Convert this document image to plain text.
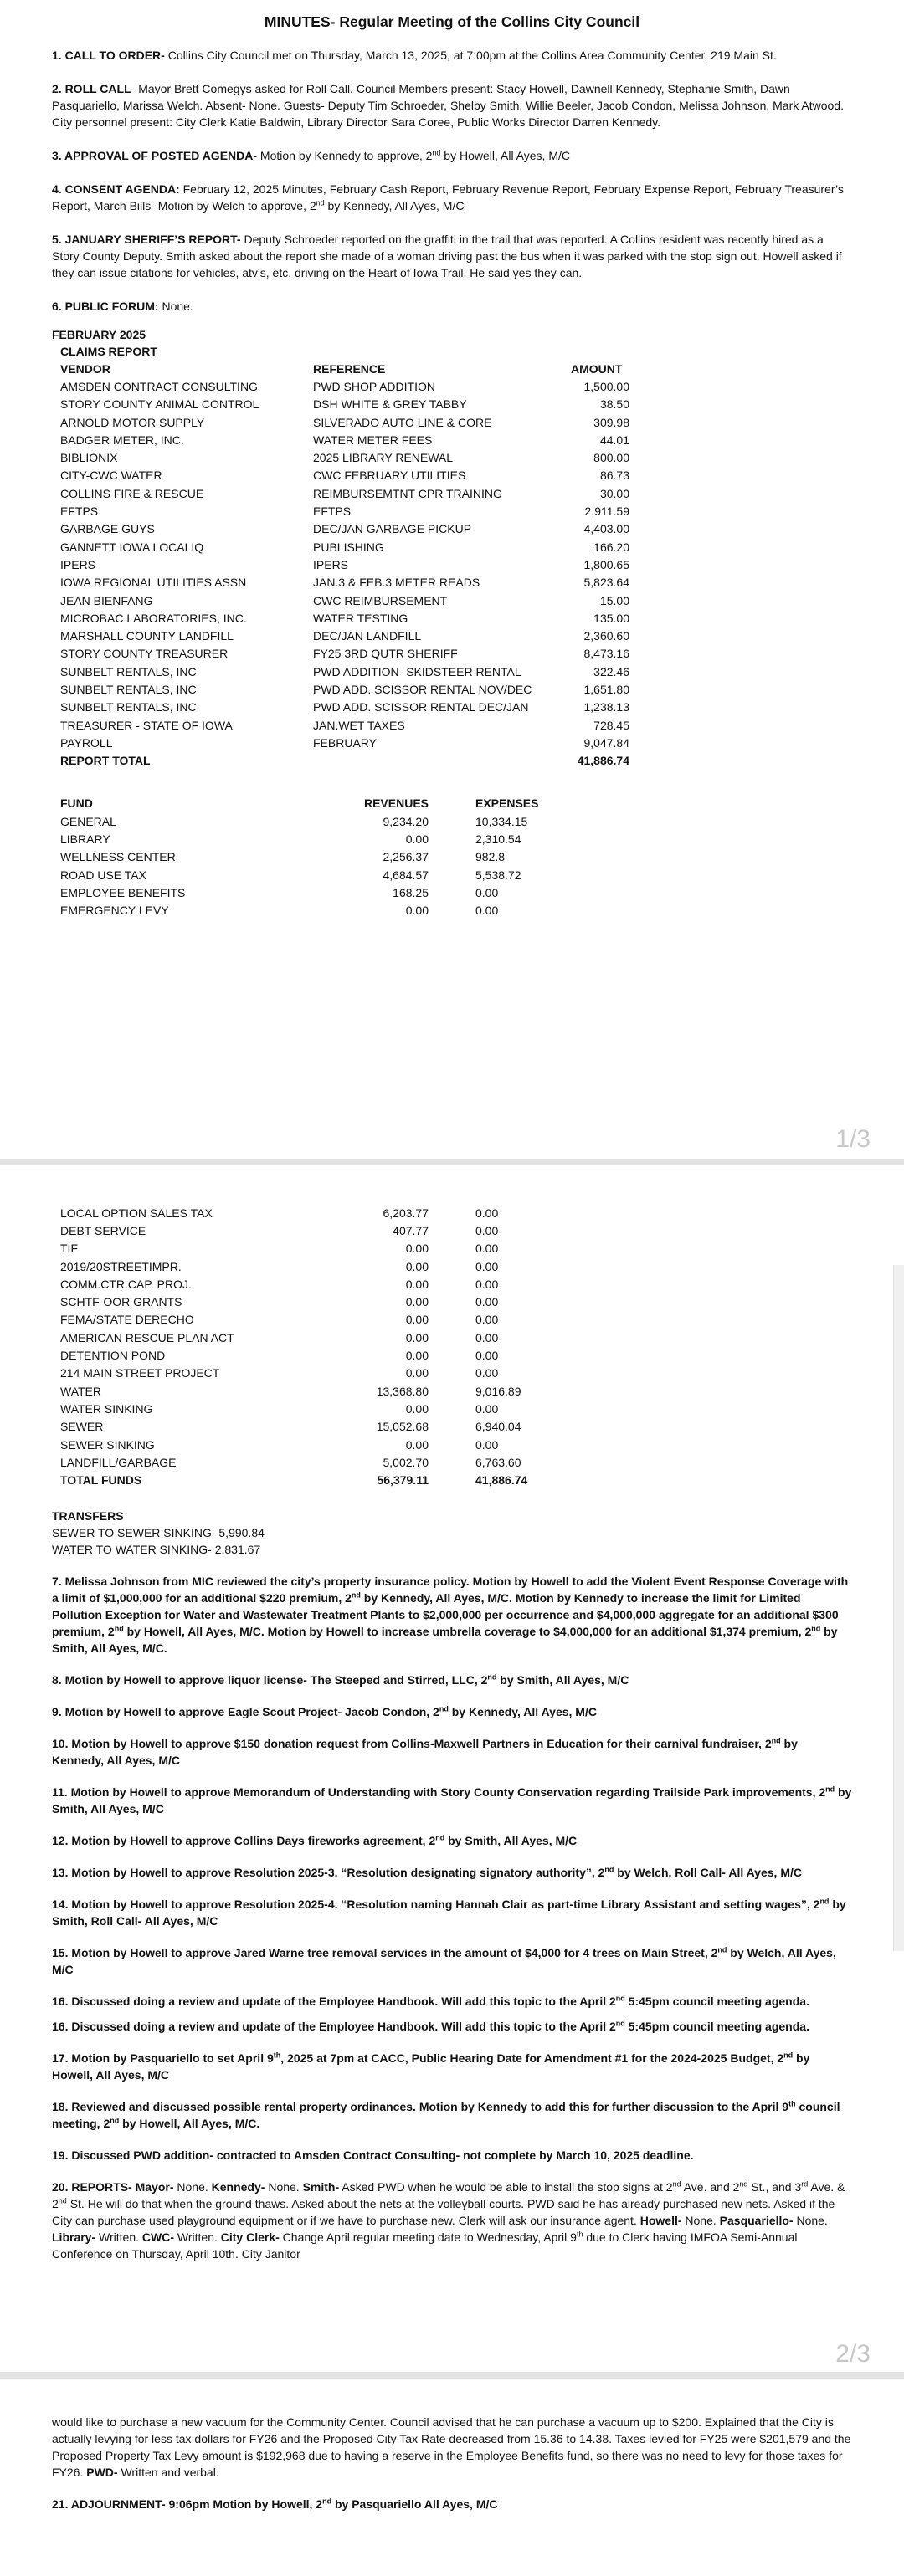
MINUTES- Regular Meeting of the Collins City Council

1. CALL TO ORDER- Collins City Council met on Thursday, March 13, 2025, at 7:00pm at the Collins Area Community Center, 219 Main St.

2. ROLL CALL- Mayor Brett Comegys asked for Roll Call. Council Members present: Stacy Howell, Dawnell Kennedy, Stephanie Smith, Dawn Pasquariello, Marissa Welch. Absent- None. Guests- Deputy Tim Schroeder, Shelby Smith, Willie Beeler, Jacob Condon, Melissa Johnson, Mark Atwood. City personnel present: City Clerk Katie Baldwin, Library Director Sara Coree, Public Works Director Darren Kennedy.

3. APPROVAL OF POSTED AGENDA- Motion by Kennedy to approve, 2nd by Howell, All Ayes, M/C

4. CONSENT AGENDA: February 12, 2025 Minutes, February Cash Report, February Revenue Report, February Expense Report, February Treasurer’s Report, March Bills- Motion by Welch to approve, 2nd by Kennedy, All Ayes, M/C

5. JANUARY SHERIFF’S REPORT- Deputy Schroeder reported on the graffiti in the trail that was reported. A Collins resident was recently hired as a Story County Deputy. Smith asked about the report she made of a woman driving past the bus when it was parked with the stop sign out. Howell asked if they can issue citations for vehicles, atv’s, etc. driving on the Heart of Iowa Trail. He said yes they can.

6. PUBLIC FORUM: None.

FEBRUARY 2025

CLAIMS REPORT

VENDOR	REFERENCE	AMOUNT
AMSDEN CONTRACT CONSULTING	PWD SHOP ADDITION	1,500.00
STORY COUNTY ANIMAL CONTROL	DSH WHITE & GREY TABBY	38.50
ARNOLD MOTOR SUPPLY	SILVERADO AUTO LINE & CORE	309.98
BADGER METER, INC.	WATER METER FEES	44.01
BIBLIONIX	2025 LIBRARY RENEWAL	800.00
CITY-CWC WATER	CWC FEBRUARY UTILITIES	86.73
COLLINS FIRE & RESCUE	REIMBURSEMTNT CPR TRAINING	30.00
EFTPS	EFTPS	2,911.59
GARBAGE GUYS	DEC/JAN GARBAGE PICKUP	4,403.00
GANNETT IOWA LOCALIQ	PUBLISHING	166.20
IPERS	IPERS	1,800.65
IOWA REGIONAL UTILITIES ASSN	JAN.3 & FEB.3 METER READS	5,823.64
JEAN BIENFANG	CWC REIMBURSEMENT	15.00
MICROBAC LABORATORIES, INC.	WATER TESTING	135.00
MARSHALL COUNTY LANDFILL	DEC/JAN LANDFILL	2,360.60
STORY COUNTY TREASURER	FY25 3RD QUTR SHERIFF	8,473.16
SUNBELT RENTALS, INC	PWD ADDITION- SKIDSTEER RENTAL	322.46
SUNBELT RENTALS, INC	PWD ADD. SCISSOR RENTAL NOV/DEC	1,651.80
SUNBELT RENTALS, INC	PWD ADD. SCISSOR RENTAL DEC/JAN	1,238.13
TREASURER - STATE OF IOWA	JAN.WET TAXES	728.45
PAYROLL	FEBRUARY	9,047.84
REPORT TOTAL		41,886.74
FUND	REVENUES	EXPENSES
GENERAL	9,234.20	10,334.15
LIBRARY	0.00	2,310.54
WELLNESS CENTER	2,256.37	982.8
ROAD USE TAX	4,684.57	5,538.72
EMPLOYEE BENEFITS	168.25	0.00
EMERGENCY LEVY	0.00	0.00
1/3
LOCAL OPTION SALES TAX	6,203.77	0.00
DEBT SERVICE	407.77	0.00
TIF	0.00	0.00
2019/20STREETIMPR.	0.00	0.00
COMM.CTR.CAP. PROJ.	0.00	0.00
SCHTF-OOR GRANTS	0.00	0.00
FEMA/STATE DERECHO	0.00	0.00
AMERICAN RESCUE PLAN ACT	0.00	0.00
DETENTION POND	0.00	0.00
214 MAIN STREET PROJECT	0.00	0.00
WATER	13,368.80	9,016.89
WATER SINKING	0.00	0.00
SEWER	15,052.68	6,940.04
SEWER SINKING	0.00	0.00
LANDFILL/GARBAGE	5,002.70	6,763.60
TOTAL FUNDS	56,379.11	41,886.74

TRANSFERS

SEWER TO SEWER SINKING- 5,990.84

WATER TO WATER SINKING- 2,831.67

7. Melissa Johnson from MIC reviewed the city’s property insurance policy. Motion by Howell to add the Violent Event Response Coverage with a limit of $1,000,000 for an additional $220 premium, 2nd by Kennedy, All Ayes, M/C. Motion by Kennedy to increase the limit for Limited Pollution Exception for Water and Wastewater Treatment Plants to $2,000,000 per occurrence and $4,000,000 aggregate for an additional $300 premium, 2nd by Howell, All Ayes, M/C. Motion by Howell to increase umbrella coverage to $4,000,000 for an additional $1,374 premium, 2nd by Smith, All Ayes, M/C.

8. Motion by Howell to approve liquor license- The Steeped and Stirred, LLC, 2nd by Smith, All Ayes, M/C

9. Motion by Howell to approve Eagle Scout Project- Jacob Condon, 2nd by Kennedy, All Ayes, M/C

10. Motion by Howell to approve $150 donation request from Collins-Maxwell Partners in Education for their carnival fundraiser, 2nd by Kennedy, All Ayes, M/C

11. Motion by Howell to approve Memorandum of Understanding with Story County Conservation regarding Trailside Park improvements, 2nd by Smith, All Ayes, M/C

12. Motion by Howell to approve Collins Days fireworks agreement, 2nd by Smith, All Ayes, M/C

13. Motion by Howell to approve Resolution 2025-3. “Resolution designating signatory authority”, 2nd by Welch, Roll Call- All Ayes, M/C

14. Motion by Howell to approve Resolution 2025-4. “Resolution naming Hannah Clair as part-time Library Assistant and setting wages”, 2nd by Smith, Roll Call- All Ayes, M/C

15. Motion by Howell to approve Jared Warne tree removal services in the amount of $4,000 for 4 trees on Main Street, 2nd by Welch, All Ayes, M/C

16. Discussed doing a review and update of the Employee Handbook. Will add this topic to the April 2nd 5:45pm council meeting agenda.

16. Discussed doing a review and update of the Employee Handbook. Will add this topic to the April 2nd 5:45pm council meeting agenda.

17. Motion by Pasquariello to set April 9th, 2025 at 7pm at CACC, Public Hearing Date for Amendment #1 for the 2024-2025 Budget, 2nd by Howell, All Ayes, M/C

18. Reviewed and discussed possible rental property ordinances. Motion by Kennedy to add this for further discussion to the April 9th council meeting, 2nd by Howell, All Ayes, M/C.

19. Discussed PWD addition- contracted to Amsden Contract Consulting- not complete by March 10, 2025 deadline.

20. REPORTS- Mayor- None. Kennedy- None. Smith- Asked PWD when he would be able to install the stop signs at 2nd Ave. and 2nd St., and 3rd Ave. & 2nd St. He will do that when the ground thaws. Asked about the nets at the volleyball courts. PWD said he has already purchased new nets. Asked if the City can purchase used playground equipment or if we have to purchase new. Clerk will ask our insurance agent. Howell- None. Pasquariello- None. Library- Written. CWC- Written. City Clerk- Change April regular meeting date to Wednesday, April 9th due to Clerk having IMFOA Semi-Annual Conference on Thursday, April 10th. City Janitor

2/3

would like to purchase a new vacuum for the Community Center. Council advised that he can purchase a vacuum up to $200. Explained that the City is actually levying for less tax dollars for FY26 and the Proposed City Tax Rate decreased from 15.36 to 14.38. Taxes levied for FY25 were $201,579 and the Proposed Property Tax Levy amount is $192,968 due to having a reserve in the Employee Benefits fund, so there was no need to levy for those taxes for FY26. PWD- Written and verbal.

21. ADJOURNMENT- 9:06pm Motion by Howell, 2nd by Pasquariello All Ayes, M/C
